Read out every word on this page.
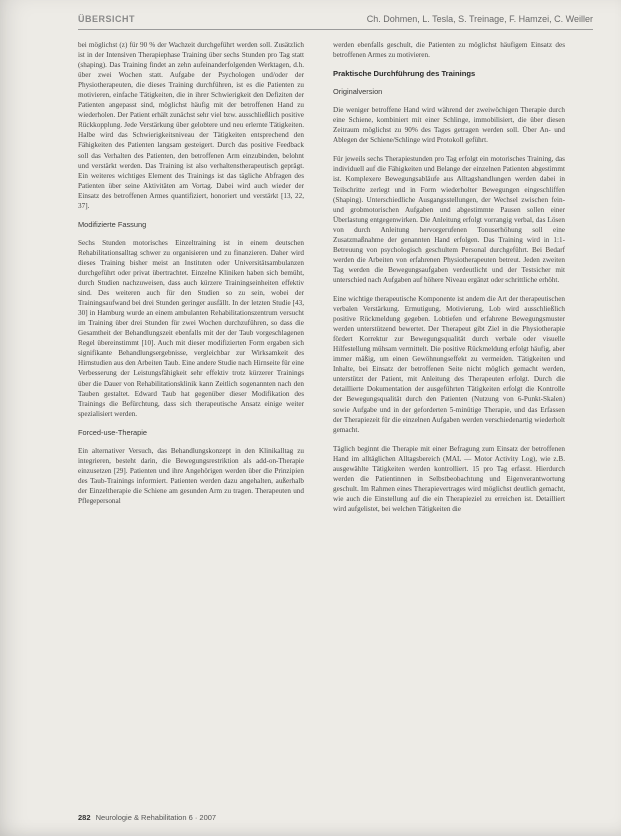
ÜBERSICHT	Ch. Dohmen, L. Tesla, S. Treinage, F. Hamzei, C. Weiller

bei möglichst (z) für 90 % der Wachzeit durchgeführt werden soll. Zusätzlich ist in der Intensiven Therapiephase Training über sechs Stunden pro Tag statt (shaping). Das Training findet an zehn aufeinanderfolgenden Werktagen, d.h. über zwei Wochen statt. Aufgabe der Psychologen und/oder der Physiotherapeuten, die dieses Training durchführen, ist es die Patienten zu motivieren, einfache Tätigkeiten, die in ihrer Schwierigkeit den Defiziten der Patienten angepasst sind, möglichst häufig mit der betroffenen Hand zu wiederholen. Der Patient erhält zunächst sehr viel bzw. ausschließlich positive Rückkopplung. Jede Verstärkung über gelobtere und neu erlernte Tätigkeiten. Halbe wird das Schwierigkeitsniveau der Tätigkeiten entsprechend den Fähigkeiten des Patienten langsam gesteigert. Durch das positive Feedback soll das Verhalten des Patienten, den betroffenen Arm einzubinden, belohnt und verstärkt werden. Das Training ist also verhaltenstherapeutisch geprägt. Ein weiteres wichtiges Element des Trainings ist das tägliche Abfragen des Patienten über seine Aktivitäten am Vortag. Dabei wird auch wieder der Einsatz des betroffenen Armes quantifiziert, honoriert und verstärkt [13, 22, 37].

Modifizierte Fassung

Sechs Stunden motorisches Einzeltraining ist in einem deutschen Rehabilitationsalltag schwer zu organisieren und zu finanzieren. Daher wird dieses Training bisher meist an Instituten oder Universitätsambulanzen durchgeführt oder privat übertrachtet. Einzelne Kliniken haben sich bemüht, durch Studien nachzuweisen, dass auch kürzere Trainingseinheiten effektiv sind. Des weiteren auch für den Studien so zu sein, wobei der Trainingsaufwand bei drei Stunden geringer ausfällt. In der letzten Studie [43, 30] in Hamburg wurde an einem ambulanten Rehabilitationszentrum versucht im Training über drei Stunden für zwei Wochen durchzuführen, so dass die Gesamtheit der Behandlungszeit ebenfalls mit der der Taub vorgeschlagenen Regel übereinstimmt [10]. Auch mit dieser modifizierten Form ergaben sich signifikante Behandlungsergebnisse, vergleichbar zur Wirksamkeit des Hirnstudien aus den Arbeiten Taub. Eine andere Studie nach Hirnseite für eine Verbesserung der Leistungsfähigkeit sehr effektiv trotz kürzerer Trainings über die Dauer von Rehabilitationsklinik kann Zeitlich sogenannten nach den Tauben gestaltet. Edward Taub hat gegenüber dieser Modifikation des Trainings die Befürchtung, dass sich therapeutische Ansatz einige weiter spezialisiert werden.

Forced-use-Therapie

Ein alternativer Versuch, das Behandlungskonzept in den Klinikalltag zu integrieren, besteht darin, die Bewegungsrestriktion als add-on-Therapie einzusetzen [29]. Patienten und ihre Angehörigen werden über die Prinzipien des Taub-Trainings informiert. Patienten werden dazu angehalten, außerhalb der Einzeltherapie die Schiene am gesunden Arm zu tragen. Therapeuten und Pflegepersonal

werden ebenfalls geschult, die Patienten zu möglichst häufigem Einsatz des betroffenen Armes zu motivieren.

Praktische Durchführung des Trainings
Originalversion

Die weniger betroffene Hand wird während der zweiwöchigen Therapie durch eine Schiene, kombiniert mit einer Schlinge, immobilisiert, die über diesen Zeitraum möglichst zu 90% des Tages getragen werden soll. Über An- und Ablegen der Schiene/Schlinge wird Protokoll geführt.

Für jeweils sechs Therapiestunden pro Tag erfolgt ein motorisches Training, das individuell auf die Fähigkeiten und Belange der einzelnen Patienten abgestimmt ist. Komplexere Bewegungsabläufe aus Alltagshandlungen werden dabei in Teilschritte zerlegt und in Form wiederholter Bewegungen eingeschliffen (Shaping). Unterschiedliche Ausgangsstellungen, der Wechsel zwischen fein- und grobmotorischen Aufgaben und abgestimmte Pausen sollen einer Überlastung entgegenwirken. Die Anleitung erfolgt vorrangig verbal, das Lösen von durch Anleitung hervorgerufenen Tonuserhöhung soll eine Zusatzmaßnahme der genannten Hand erfolgen. Das Training wird in 1:1-Betreuung von psychologisch geschultem Personal durchgeführt. Bei Bedarf werden die Arbeiten von erfahrenen Physiotherapeuten betreut. Jeden zweiten Tag werden die Bewegungsaufgaben verdeutlicht und der Testsicher mit unterschied nach Aufgaben auf höhere Niveau ergänzt oder schrittliche erhöht.

Eine wichtige therapeutische Komponente ist andem die Art der therapeutischen verbalen Verstärkung. Ermutigung, Motivierung, Lob wird ausschließlich positive Rückmeldung gegeben. Lobtiefen und erfahrene Bewegungsmuster werden unterstützend bewertet. Der Therapeut gibt Ziel in die Physiotherapie fördert Korrektur zur Bewegungsqualität durch verbale oder visuelle Hilfestellung mühsam vermittelt. Die positive Rückmeldung erfolgt häufig, aber immer mäßig, um einen Gewöhnungseffekt zu vermeiden. Tätigkeiten und Inhalte, bei Einsatz der betroffenen Seite nicht möglich gemacht werden, unterstützt der Patient, mit Anleitung des Therapeuten erfolgt. Durch die detaillierte Dokumentation der ausgeführten Tätigkeiten erfolgt die Kontrolle der Bewegungsqualität durch den Patienten (Nutzung von 6-Punkt-Skalen) sowie Aufgabe und in der geforderten 5-minütige Therapie, und das Erfassen der Therapiezeit für die einzelnen Aufgaben werden verschiedenartig wiederholt gemacht.

Täglich beginnt die Therapie mit einer Befragung zum Einsatz der betroffenen Hand im alltäglichen Alltagsbereich (MAL — Motor Activity Log), wie z.B. ausgewählte Tätigkeiten werden kontrolliert. 15 pro Tag erfasst. Hierdurch werden die Patientinnen in Selbstbeobachtung und Eigenverantwortung geschult. Im Rahmen eines Therapievertrages wird möglichst deutlich gemacht, wie auch die Einstellung auf die ein Therapieziel zu erreichen ist. Detailliert wird aufgelistet, bei welchen Tätigkeiten die

282 Neurologie & Rehabilitation 6 · 2007
